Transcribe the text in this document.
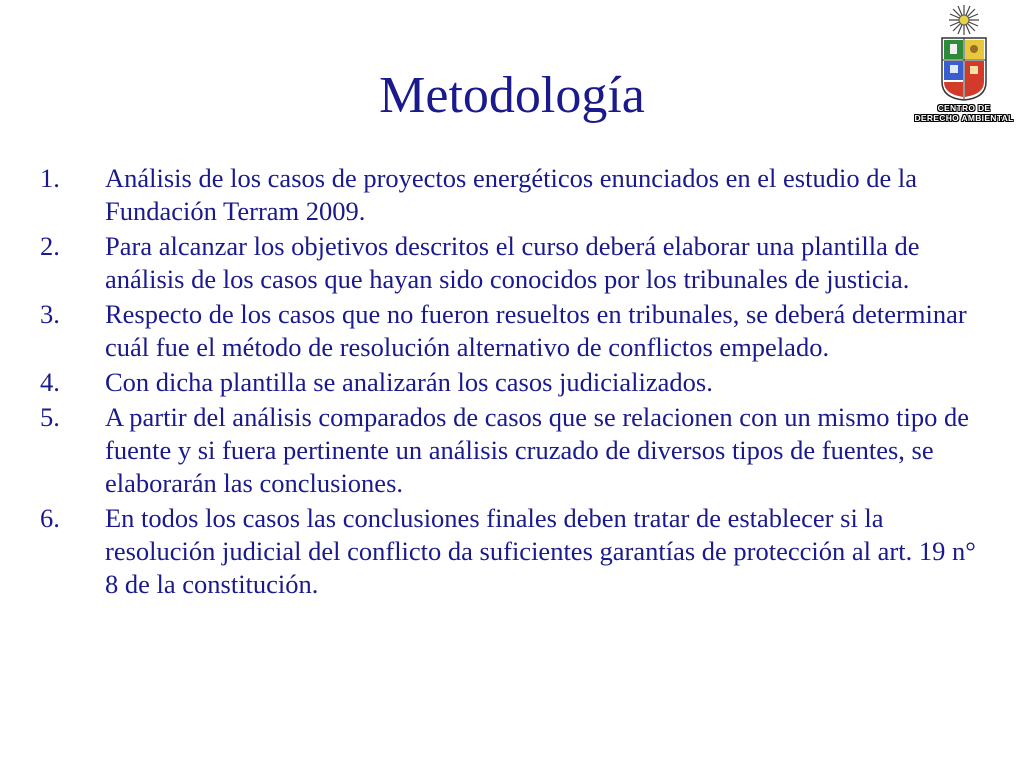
Metodología	CENTRO DE
DERECHO AMBIENTAL
1. Análisis de los casos de proyectos energéticos enunciados en el estudio de la Fundación Terram 2009.
2. Para alcanzar los objetivos descritos el curso deberá elaborar una plantilla de análisis de los casos que hayan sido conocidos por los tribunales de justicia.
3. Respecto de los casos que no fueron resueltos en tribunales, se deberá determinar cuál fue el método de resolución alternativo de conflictos empelado.
4. Con dicha plantilla se analizarán los casos judicializados.
5. A partir del análisis comparados de casos que se relacionen con un mismo tipo de fuente y si fuera pertinente un análisis cruzado de diversos tipos de fuentes, se elaborarán las conclusiones.
6. En todos los casos las conclusiones finales deben tratar de establecer si la resolución judicial del conflicto da suficientes garantías de protección al art. 19 n° 8 de la constitución.
